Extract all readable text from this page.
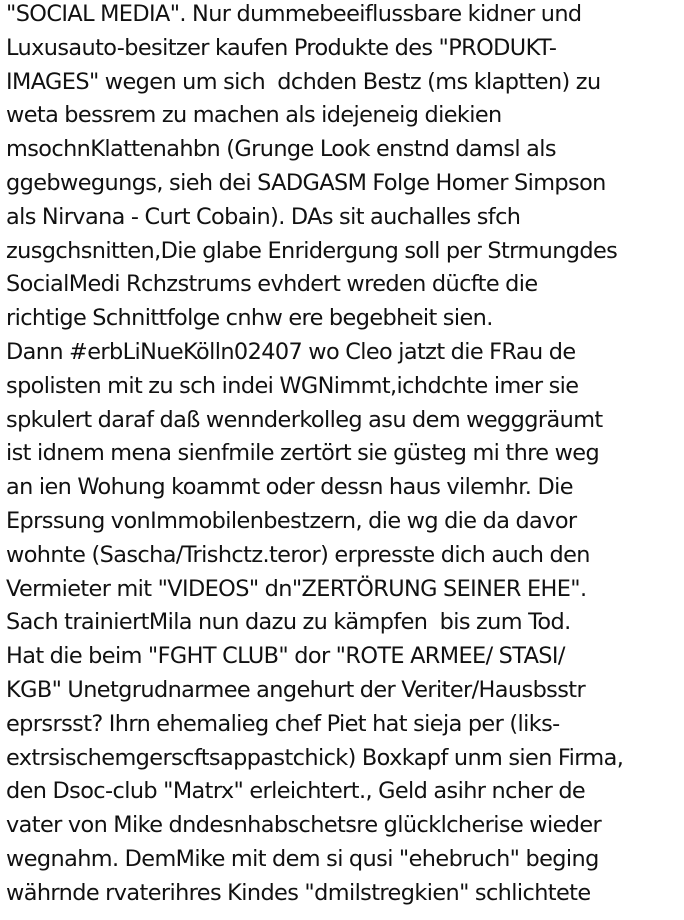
"SOCIAL MEDIA". Nur dummebeeiflussbare kidner und
Luxusauto-besitzer kaufen Produkte des "PRODUKT-
IMAGES" wegen um sich  dchden Bestz (ms klaptten) zu
weta bessrem zu machen als idejeneig diekien
msochnKlattenahbn (Grunge Look enstnd damsl als
ggebwegungs, sieh dei SADGASM Folge Homer Simpson
als Nirvana - Curt Cobain). DAs sit auchalles sfch
zusgchsnitten,Die glabe Enridergung soll per Strmungdes
SocialMedi Rchzstrums evhdert wreden dücfte die
richtige Schnittfolge cnhw ere begebheit sien.
Dann #erbLiNueKölln02407 wo Cleo jatzt die FRau de
spolisten mit zu sch indei WGNimmt,ichdchte imer sie
spkulert daraf daß wennderkolleg asu dem wegggräumt
ist idnem mena sienfmile zertört sie güsteg mi thre weg
an ien Wohung koammt oder dessn haus vilemhr. Die
Eprssung vonImmobilenbestzern, die wg die da davor
wohnte (Sascha/Trishctz.teror) erpresste dich auch den
Vermieter mit "VIDEOS" dn"ZERTÖRUNG SEINER EHE".
Sach trainiertMila nun dazu zu kämpfen  bis zum Tod.
Hat die beim "FGHT CLUB" dor "ROTE ARMEE/ STASI/
KGB" Unetgrudnarmee angehurt der Veriter/Hausbsstr
eprsrsst? Ihrn ehemalieg chef Piet hat sieja per (liks-
extrsischemgerscftsappastchick) Boxkapf unm sien Firma,
den Dsoc-club "Matrx" erleichtert., Geld asihr ncher de
vater von Mike dndesnhabschetsre glücklcherise wieder
wegnahm. DemMike mit dem si qusi "ehebruch" beging
währnde rvaterihres Kindes "dmilstregkien" schlichtete
